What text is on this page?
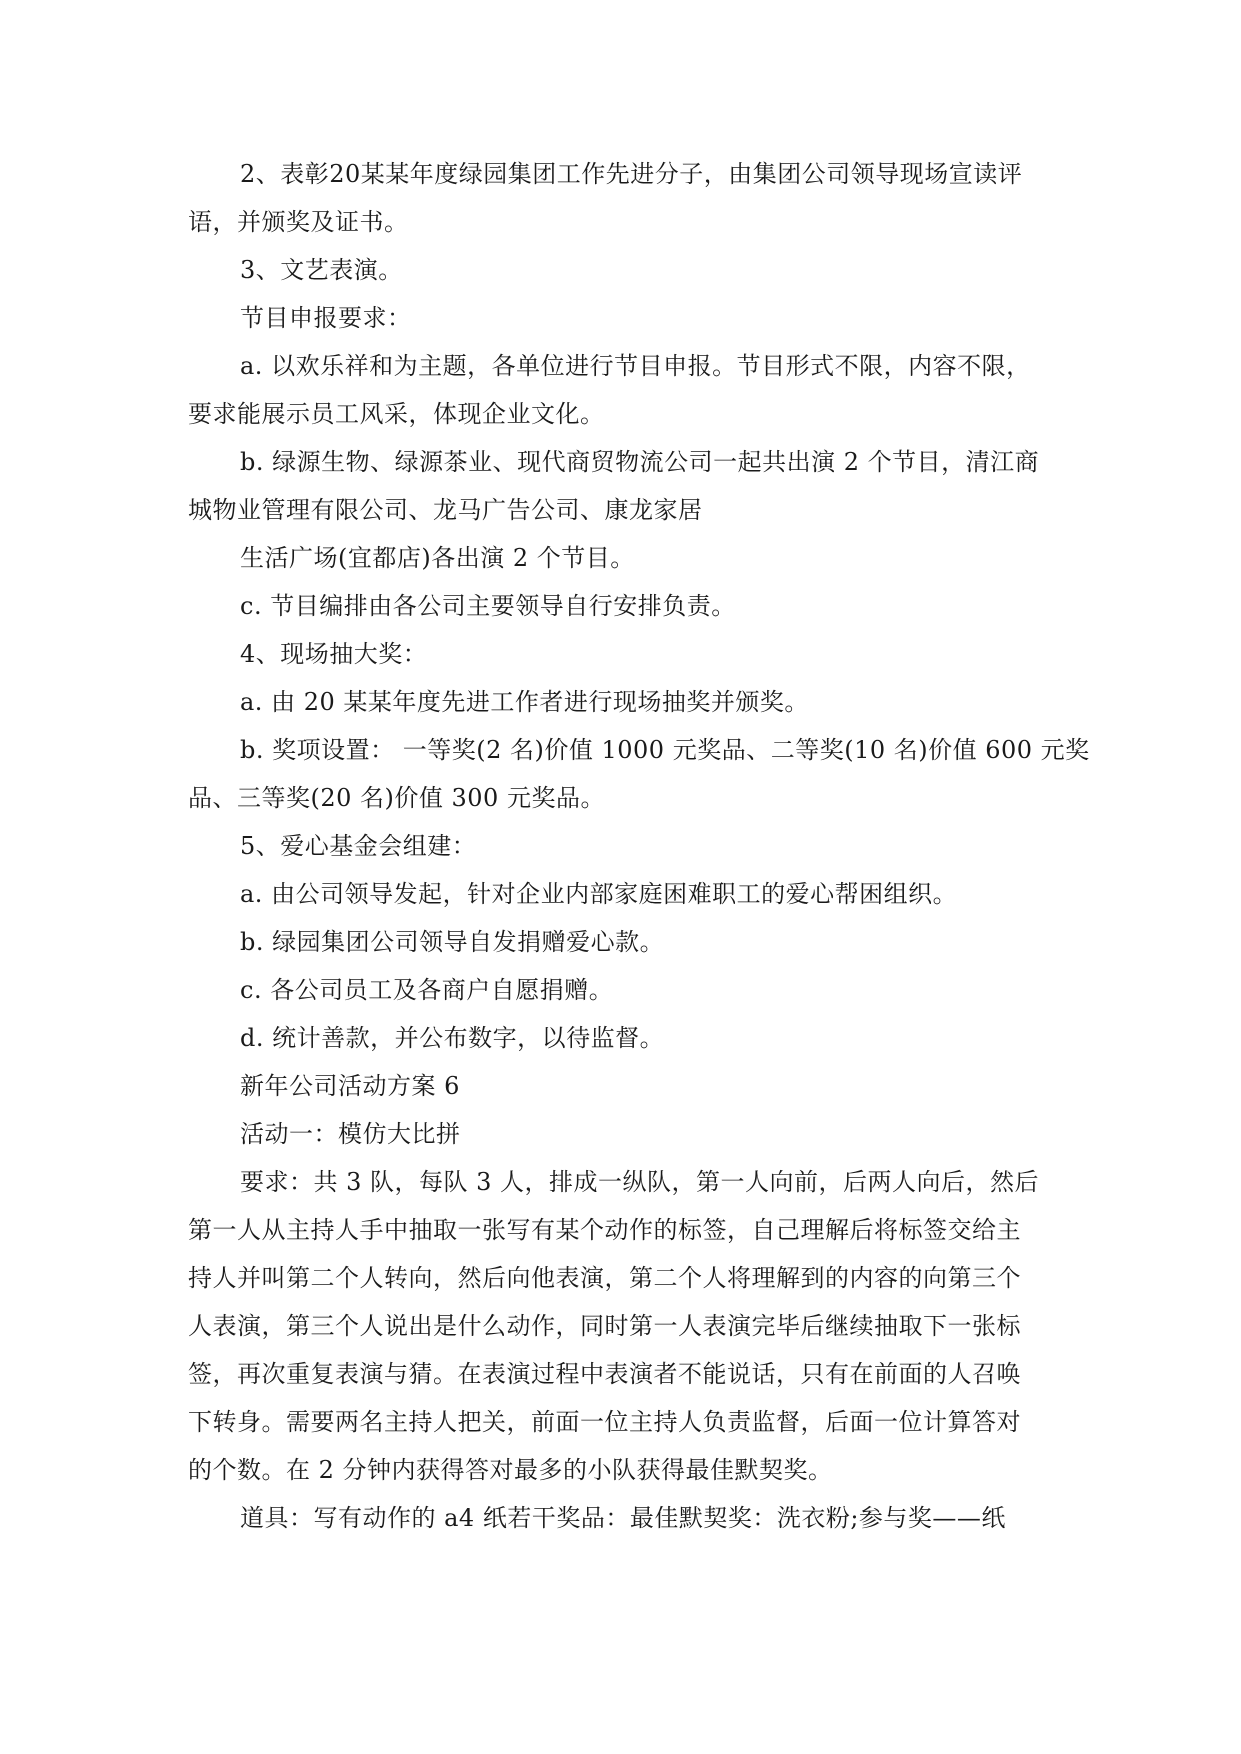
2、表彰20某某年度绿园集团工作先进分子，由集团公司领导现场宣读评
语，并颁奖及证书。
3、文艺表演。
节目申报要求：
a. 以欢乐祥和为主题，各单位进行节目申报。节目形式不限，内容不限，
要求能展示员工风采，体现企业文化。
b. 绿源生物、绿源茶业、现代商贸物流公司一起共出演 2 个节目，清江商
城物业管理有限公司、龙马广告公司、康龙家居
生活广场(宜都店)各出演 2 个节目。
c. 节目编排由各公司主要领导自行安排负责。
4、现场抽大奖：
a. 由 20 某某年度先进工作者进行现场抽奖并颁奖。
b. 奖项设置： 一等奖(2 名)价值 1000 元奖品、二等奖(10 名)价值 600 元奖
品、三等奖(20 名)价值 300 元奖品。
5、爱心基金会组建：
a. 由公司领导发起，针对企业内部家庭困难职工的爱心帮困组织。
b. 绿园集团公司领导自发捐赠爱心款。
c. 各公司员工及各商户自愿捐赠。
d. 统计善款，并公布数字，以待监督。
新年公司活动方案 6
活动一：模仿大比拼
要求：共 3 队，每队 3 人，排成一纵队，第一人向前，后两人向后，然后
第一人从主持人手中抽取一张写有某个动作的标签，自己理解后将标签交给主
持人并叫第二个人转向，然后向他表演，第二个人将理解到的内容的向第三个
人表演，第三个人说出是什么动作，同时第一人表演完毕后继续抽取下一张标
签，再次重复表演与猜。在表演过程中表演者不能说话，只有在前面的人召唤
下转身。需要两名主持人把关，前面一位主持人负责监督，后面一位计算答对
的个数。在 2 分钟内获得答对最多的小队获得最佳默契奖。
道具：写有动作的 a4 纸若干奖品：最佳默契奖：洗衣粉;参与奖——纸
